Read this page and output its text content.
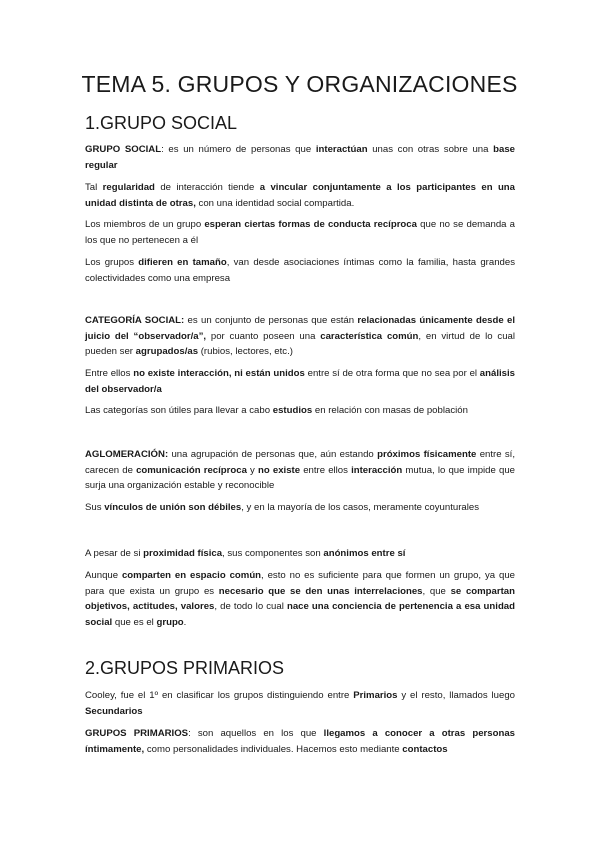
TEMA 5. GRUPOS Y ORGANIZACIONES
1.GRUPO SOCIAL

GRUPO SOCIAL: es un número de personas que interactúan unas con otras sobre una base regular

Tal regularidad de interacción tiende a vincular conjuntamente a los participantes en una unidad distinta de otras, con una identidad social compartida.

Los miembros de un grupo esperan ciertas formas de conducta recíproca que no se demanda a los que no pertenecen a él

Los grupos difieren en tamaño, van desde asociaciones íntimas como la familia, hasta grandes colectividades como una empresa

CATEGORÍA SOCIAL: es un conjunto de personas que están relacionadas únicamente desde el juicio del “observador/a”, por cuanto poseen una característica común, en virtud de lo cual pueden ser agrupados/as (rubios, lectores, etc.)

Entre ellos no existe interacción, ni están unidos entre sí de otra forma que no sea por el análisis del observador/a

Las categorías son útiles para llevar a cabo estudios en relación con masas de población

AGLOMERACIÓN: una agrupación de personas que, aún estando próximos físicamente entre sí, carecen de comunicación recíproca y no existe entre ellos interacción mutua, lo que impide que surja una organización estable y reconocible

Sus vínculos de unión son débiles, y en la mayoría de los casos, meramente coyunturales

A pesar de si proximidad física, sus componentes son anónimos entre sí

Aunque comparten en espacio común, esto no es suficiente para que formen un grupo, ya que para que exista un grupo es necesario que se den unas interrelaciones, que se compartan objetivos, actitudes, valores, de todo lo cual nace una conciencia de pertenencia a esa unidad social que es el grupo.

2.GRUPOS PRIMARIOS

Cooley, fue el 1º en clasificar los grupos distinguiendo entre Primarios y el resto, llamados luego Secundarios

GRUPOS PRIMARIOS: son aquellos en los que llegamos a conocer a otras personas íntimamente, como personalidades individuales. Hacemos esto mediante contactos
